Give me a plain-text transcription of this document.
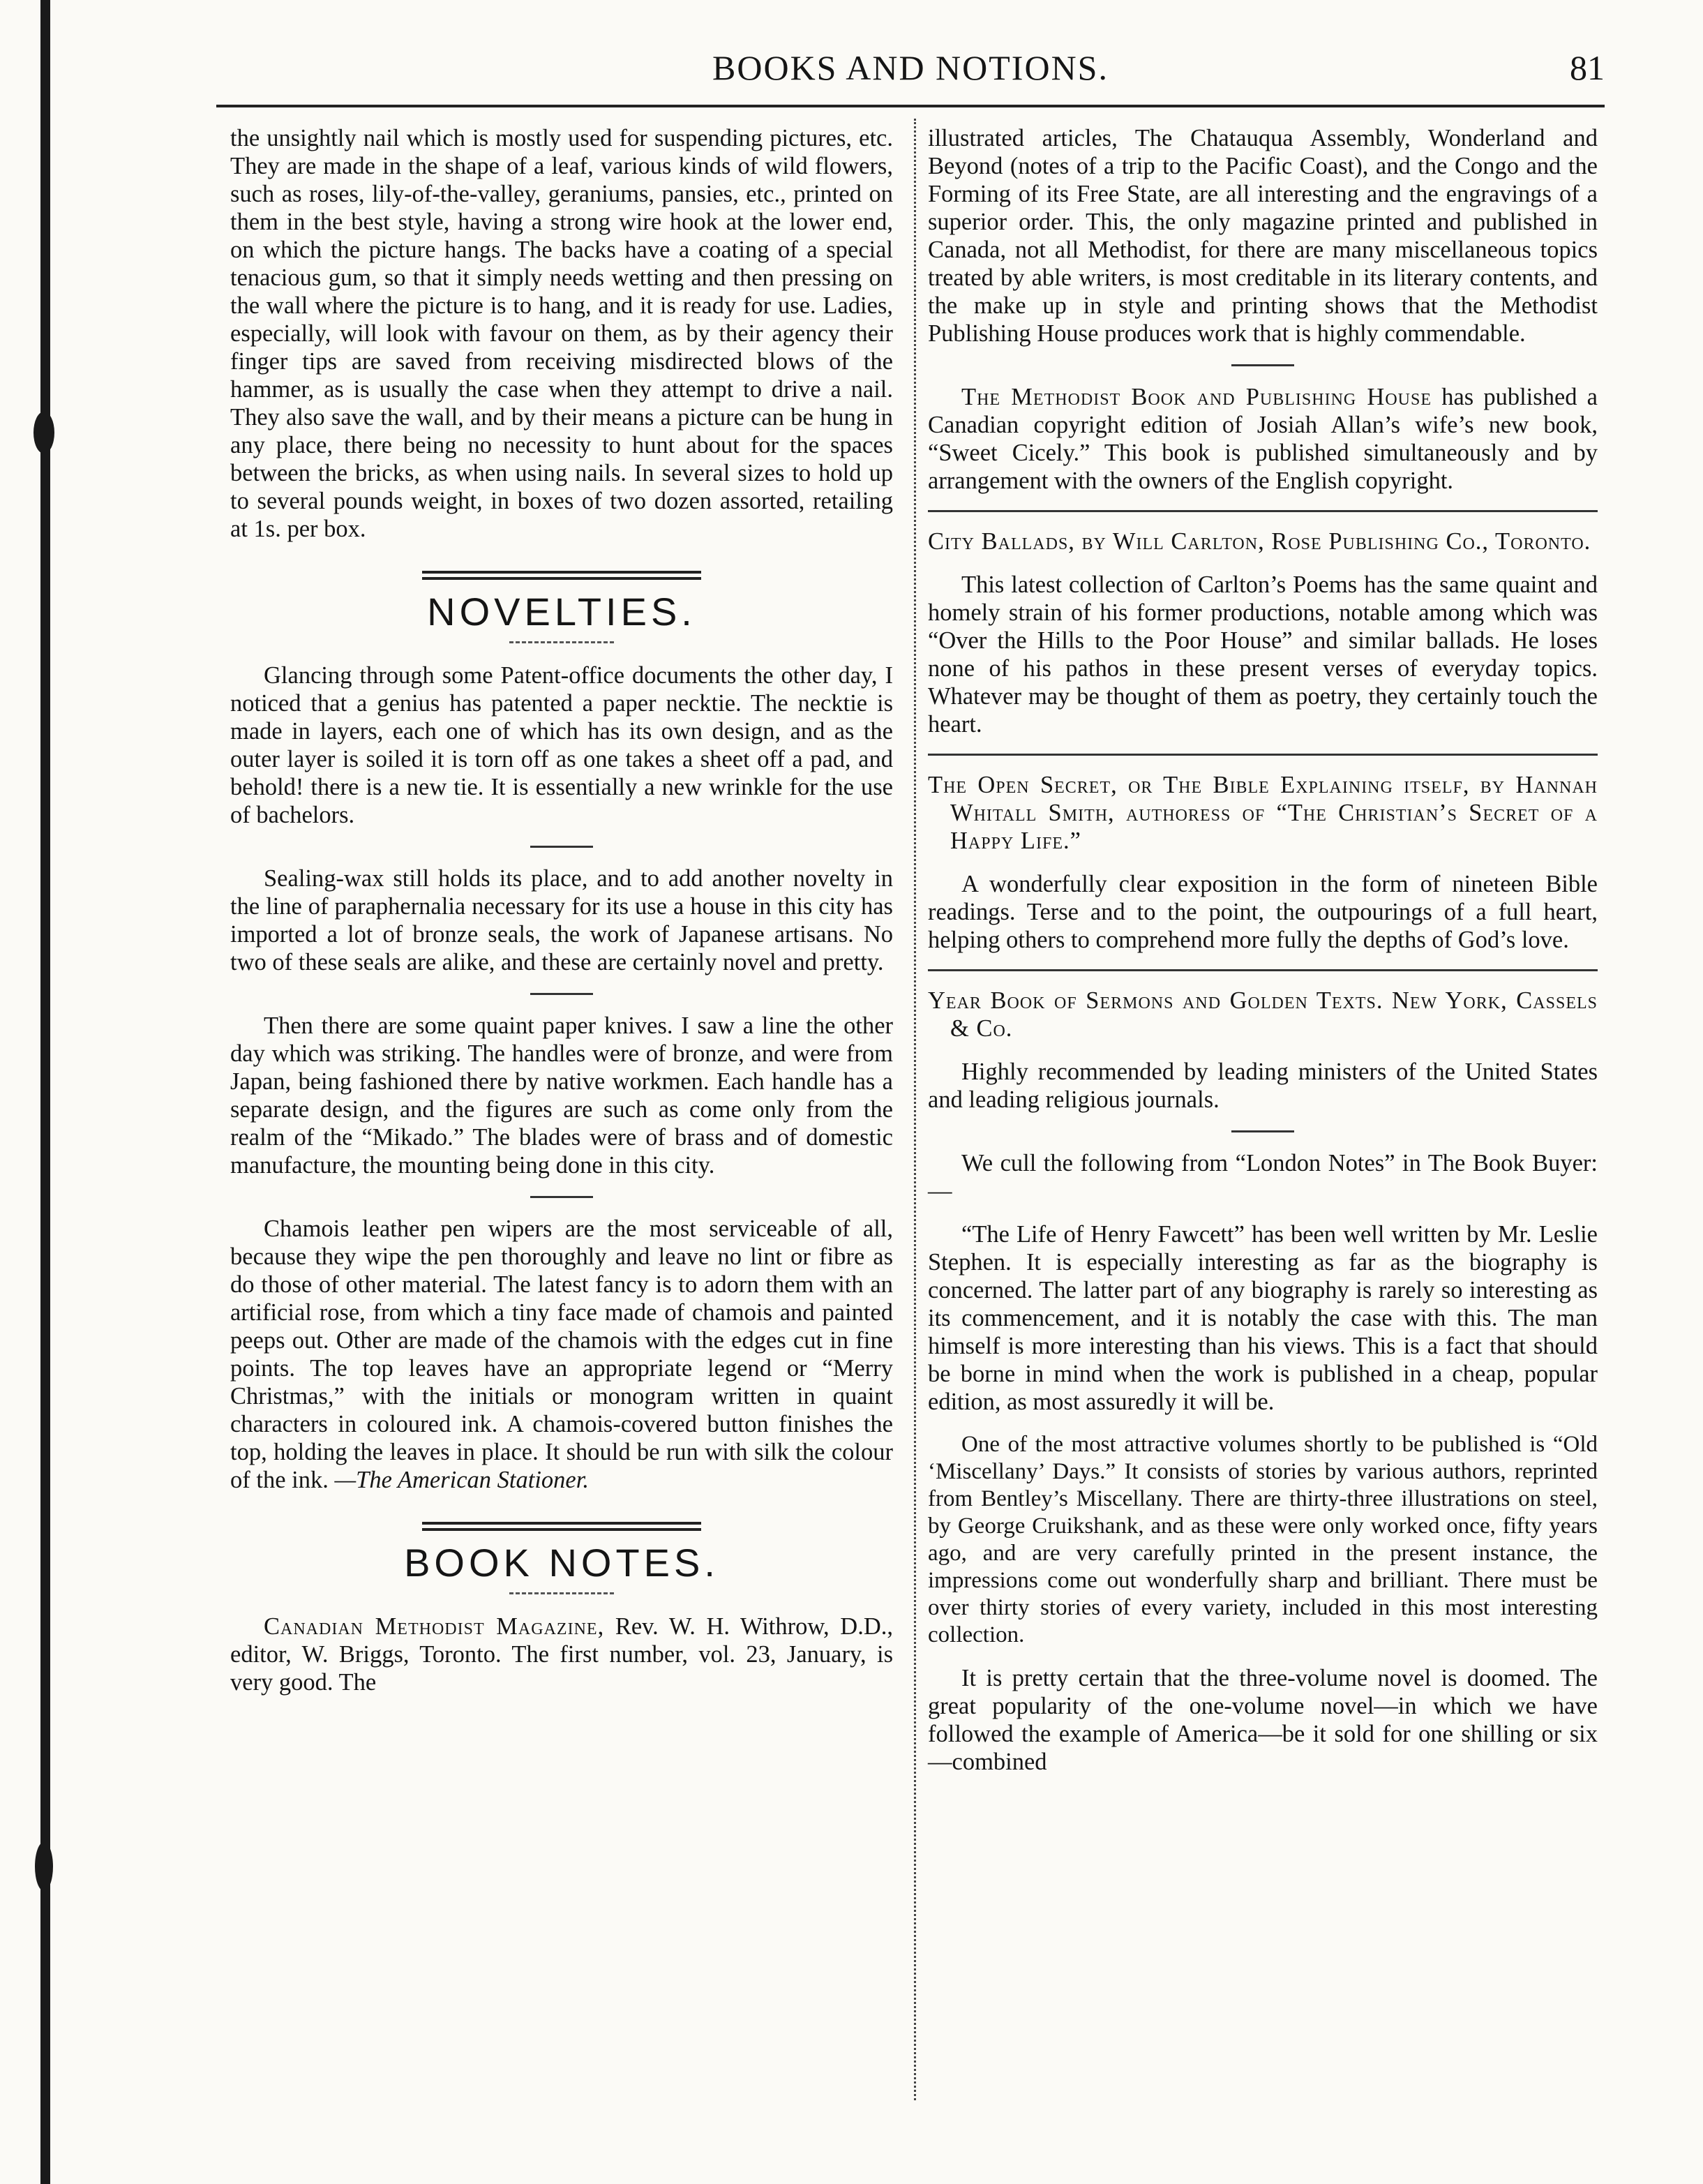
BOOKS AND NOTIONS.	81

the unsightly nail which is mostly used for suspending pictures, etc. They are made in the shape of a leaf, various kinds of wild flowers, such as roses, lily-of-the-valley, geraniums, pansies, etc., printed on them in the best style, having a strong wire hook at the lower end, on which the picture hangs. The backs have a coating of a special tenacious gum, so that it simply needs wetting and then pressing on the wall where the picture is to hang, and it is ready for use. Ladies, especially, will look with favour on them, as by their agency their finger tips are saved from receiving misdirected blows of the hammer, as is usually the case when they attempt to drive a nail. They also save the wall, and by their means a picture can be hung in any place, there being no necessity to hunt about for the spaces between the bricks, as when using nails. In several sizes to hold up to several pounds weight, in boxes of two dozen assorted, retailing at 1s. per box.

NOVELTIES.

Glancing through some Patent-office documents the other day, I noticed that a genius has patented a paper necktie. The necktie is made in layers, each one of which has its own design, and as the outer layer is soiled it is torn off as one takes a sheet off a pad, and behold! there is a new tie. It is essentially a new wrinkle for the use of bachelors.

Sealing-wax still holds its place, and to add another novelty in the line of paraphernalia necessary for its use a house in this city has imported a lot of bronze seals, the work of Japanese artisans. No two of these seals are alike, and these are certainly novel and pretty.

Then there are some quaint paper knives. I saw a line the other day which was striking. The handles were of bronze, and were from Japan, being fashioned there by native workmen. Each handle has a separate design, and the figures are such as come only from the realm of the “Mikado.” The blades were of brass and of domestic manufacture, the mounting being done in this city.

Chamois leather pen wipers are the most serviceable of all, because they wipe the pen thoroughly and leave no lint or fibre as do those of other material. The latest fancy is to adorn them with an artificial rose, from which a tiny face made of chamois and painted peeps out. Other are made of the chamois with the edges cut in fine points. The top leaves have an appropriate legend or “Merry Christmas,” with the initials or monogram written in quaint characters in coloured ink. A chamois-covered button finishes the top, holding the leaves in place. It should be run with silk the colour of the ink. —The American Stationer.

BOOK NOTES.

Canadian Methodist Magazine, Rev. W. H. Withrow, D.D., editor, W. Briggs, Toronto. The first number, vol. 23, January, is very good. The

illustrated articles, The Chatauqua Assembly, Wonderland and Beyond (notes of a trip to the Pacific Coast), and the Congo and the Forming of its Free State, are all interesting and the engravings of a superior order. This, the only magazine printed and published in Canada, not all Methodist, for there are many miscellaneous topics treated by able writers, is most creditable in its literary contents, and the make up in style and printing shows that the Methodist Publishing House produces work that is highly commendable.

The Methodist Book and Publishing House has published a Canadian copyright edition of Josiah Allan’s wife’s new book, “Sweet Cicely.” This book is published simultaneously and by arrangement with the owners of the English copyright.

City Ballads, by Will Carlton, Rose Publishing Co., Toronto.

This latest collection of Carlton’s Poems has the same quaint and homely strain of his former productions, notable among which was “Over the Hills to the Poor House” and similar ballads. He loses none of his pathos in these present verses of everyday topics. Whatever may be thought of them as poetry, they certainly touch the heart.

The Open Secret, or The Bible Explaining itself, by Hannah Whitall Smith, authoress of “The Christian’s Secret of a Happy Life.”

A wonderfully clear exposition in the form of nineteen Bible readings. Terse and to the point, the outpourings of a full heart, helping others to comprehend more fully the depths of God’s love.

Year Book of Sermons and Golden Texts. New York, Cassels & Co.

Highly recommended by leading ministers of the United States and leading religious journals.

We cull the following from “London Notes” in The Book Buyer:—

“The Life of Henry Fawcett” has been well written by Mr. Leslie Stephen. It is especially interesting as far as the biography is concerned. The latter part of any biography is rarely so interesting as its commencement, and it is notably the case with this. The man himself is more interesting than his views. This is a fact that should be borne in mind when the work is published in a cheap, popular edition, as most assuredly it will be.

One of the most attractive volumes shortly to be published is “Old ‘Miscellany’ Days.” It consists of stories by various authors, reprinted from Bentley’s Miscellany. There are thirty-three illustrations on steel, by George Cruikshank, and as these were only worked once, fifty years ago, and are very carefully printed in the present instance, the impressions come out wonderfully sharp and brilliant. There must be over thirty stories of every variety, included in this most interesting collection.

It is pretty certain that the three-volume novel is doomed. The great popularity of the one-volume novel—in which we have followed the example of America—be it sold for one shilling or six—combined
